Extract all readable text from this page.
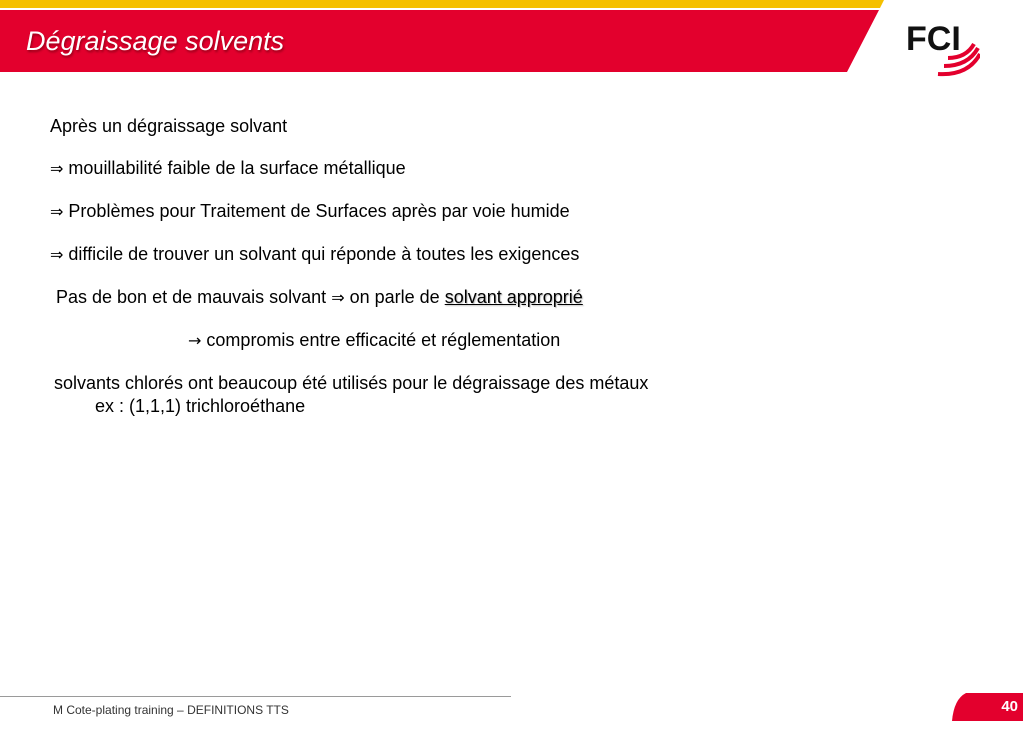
Dégraissage solvents	FCI
Après un dégraissage solvant
⇒ mouillabilité faible de la surface métallique
⇒ Problèmes pour Traitement de Surfaces après par voie humide
⇒ difficile de trouver un solvant qui réponde à toutes les exigences
Pas de bon et de mauvais solvant ⇒ on parle de solvant approprié
→ compromis entre efficacité et réglementation
solvants chlorés ont beaucoup été utilisés pour le dégraissage des métaux
ex : (1,1,1) trichloroéthane
M Cote-plating training – DEFINITIONS TTS	40
